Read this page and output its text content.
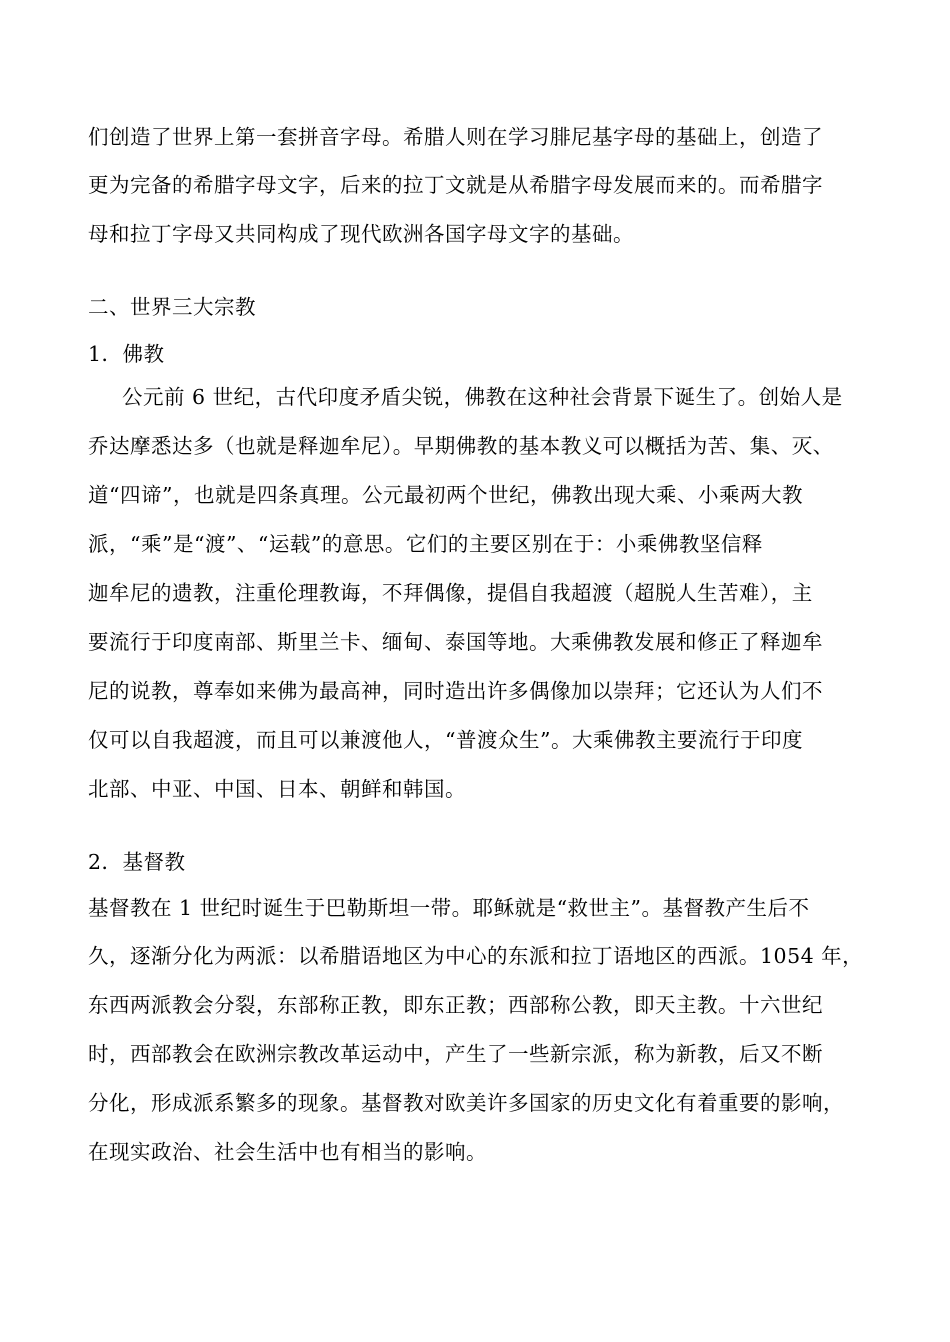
们创造了世界上第一套拼音字母。希腊人则在学习腓尼基字母的基础上，创造了
更为完备的希腊字母文字，后来的拉丁文就是从希腊字母发展而来的。而希腊字
母和拉丁字母又共同构成了现代欧洲各国字母文字的基础。
二、世界三大宗教
1．佛教
公元前 6 世纪，古代印度矛盾尖锐，佛教在这种社会背景下诞生了。创始人是
乔达摩悉达多（也就是释迦牟尼）。早期佛教的基本教义可以概括为苦、集、灭、
道“四谛”，也就是四条真理。公元最初两个世纪，佛教出现大乘、小乘两大教
派，“乘”是“渡”、“运载”的意思。它们的主要区别在于：小乘佛教坚信释
迦牟尼的遗教，注重伦理教诲，不拜偶像，提倡自我超渡（超脱人生苦难），主
要流行于印度南部、斯里兰卡、缅甸、泰国等地。大乘佛教发展和修正了释迦牟
尼的说教，尊奉如来佛为最高神，同时造出许多偶像加以崇拜；它还认为人们不
仅可以自我超渡，而且可以兼渡他人，“普渡众生”。大乘佛教主要流行于印度
北部、中亚、中国、日本、朝鲜和韩国。
2．基督教
基督教在 1 世纪时诞生于巴勒斯坦一带。耶稣就是“救世主”。基督教产生后不
久，逐渐分化为两派：以希腊语地区为中心的东派和拉丁语地区的西派。1054 年，
东西两派教会分裂，东部称正教，即东正教；西部称公教，即天主教。十六世纪
时，西部教会在欧洲宗教改革运动中，产生了一些新宗派，称为新教，后又不断
分化，形成派系繁多的现象。基督教对欧美许多国家的历史文化有着重要的影响，
在现实政治、社会生活中也有相当的影响。
